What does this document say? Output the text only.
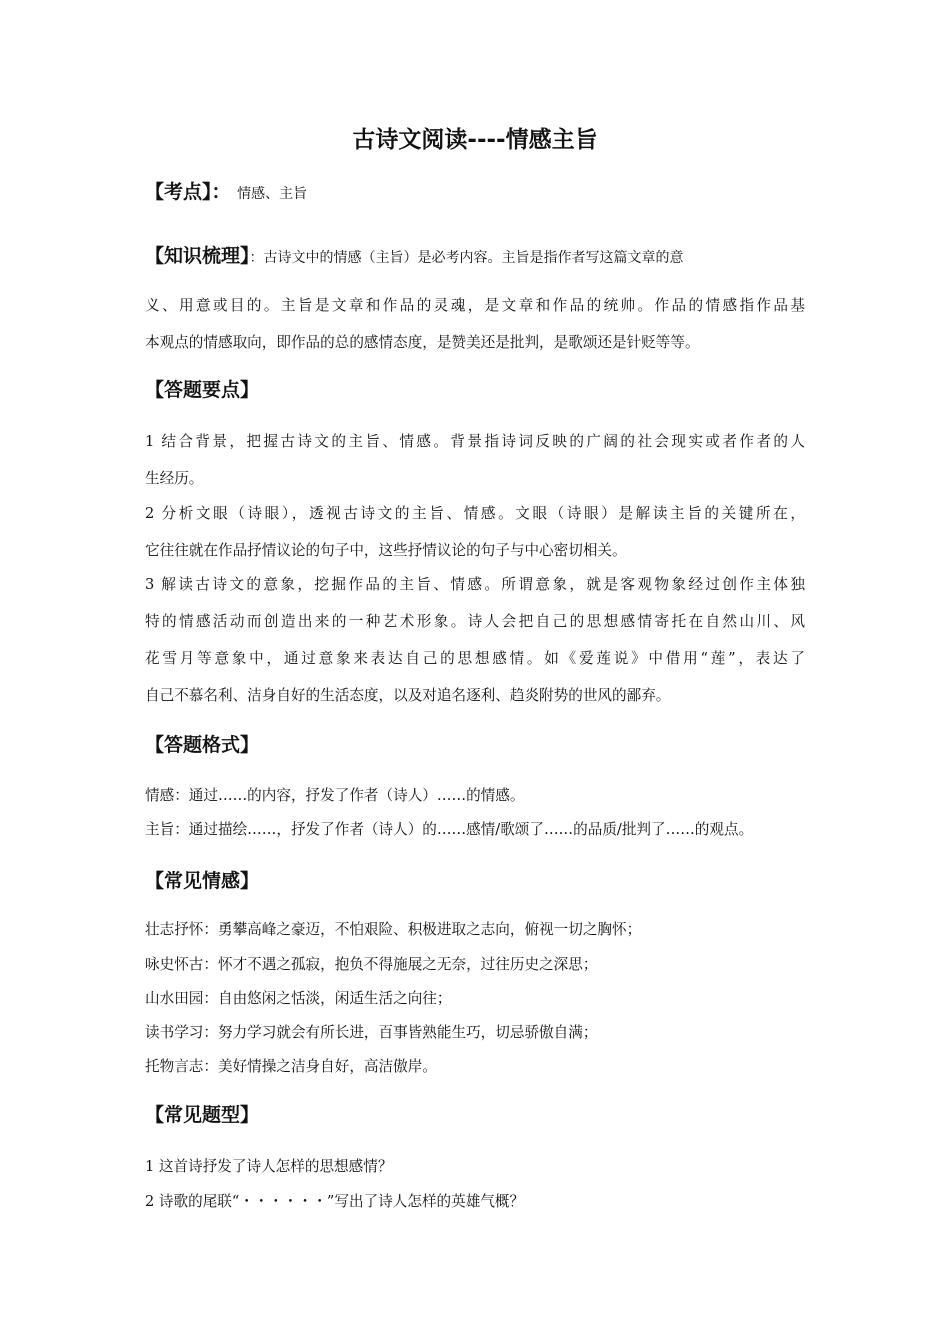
古诗文阅读----情感主旨
【考点】： 情感、主旨
【知识梳理】：古诗文中的情感（主旨）是必考内容。主旨是指作者写这篇文章的意
义、用意或目的。主旨是文章和作品的灵魂，是文章和作品的统帅。作品的情感指作品基
本观点的情感取向，即作品的总的感情态度，是赞美还是批判，是歌颂还是针贬等等。
【答题要点】
1 结合背景，把握古诗文的主旨、情感。背景指诗词反映的广阔的社会现实或者作者的人
生经历。
2 分析文眼（诗眼），透视古诗文的主旨、情感。文眼（诗眼）是解读主旨的关键所在，
它往往就在作品抒情议论的句子中，这些抒情议论的句子与中心密切相关。
3 解读古诗文的意象，挖掘作品的主旨、情感。所谓意象，就是客观物象经过创作主体独
特的情感活动而创造出来的一种艺术形象。诗人会把自己的思想感情寄托在自然山川、风
花雪月等意象中，通过意象来表达自己的思想感情。如《爱莲说》中借用“莲”，表达了
自己不慕名利、洁身自好的生活态度，以及对追名逐利、趋炎附势的世风的鄙弃。
【答题格式】
情感：通过……的内容，抒发了作者（诗人）……的情感。
主旨：通过描绘……，抒发了作者（诗人）的……感情/歌颂了……的品质/批判了……的观点。
【常见情感】
壮志抒怀：勇攀高峰之豪迈，不怕艰险、积极进取之志向，俯视一切之胸怀；
咏史怀古：怀才不遇之孤寂，抱负不得施展之无奈，过往历史之深思；
山水田园：自由悠闲之恬淡，闲适生活之向往；
读书学习：努力学习就会有所长进，百事皆熟能生巧，切忌骄傲自满；
托物言志：美好情操之洁身自好，高洁傲岸。
【常见题型】
1 这首诗抒发了诗人怎样的思想感情？
2 诗歌的尾联“・・・・・・”写出了诗人怎样的英雄气概？
